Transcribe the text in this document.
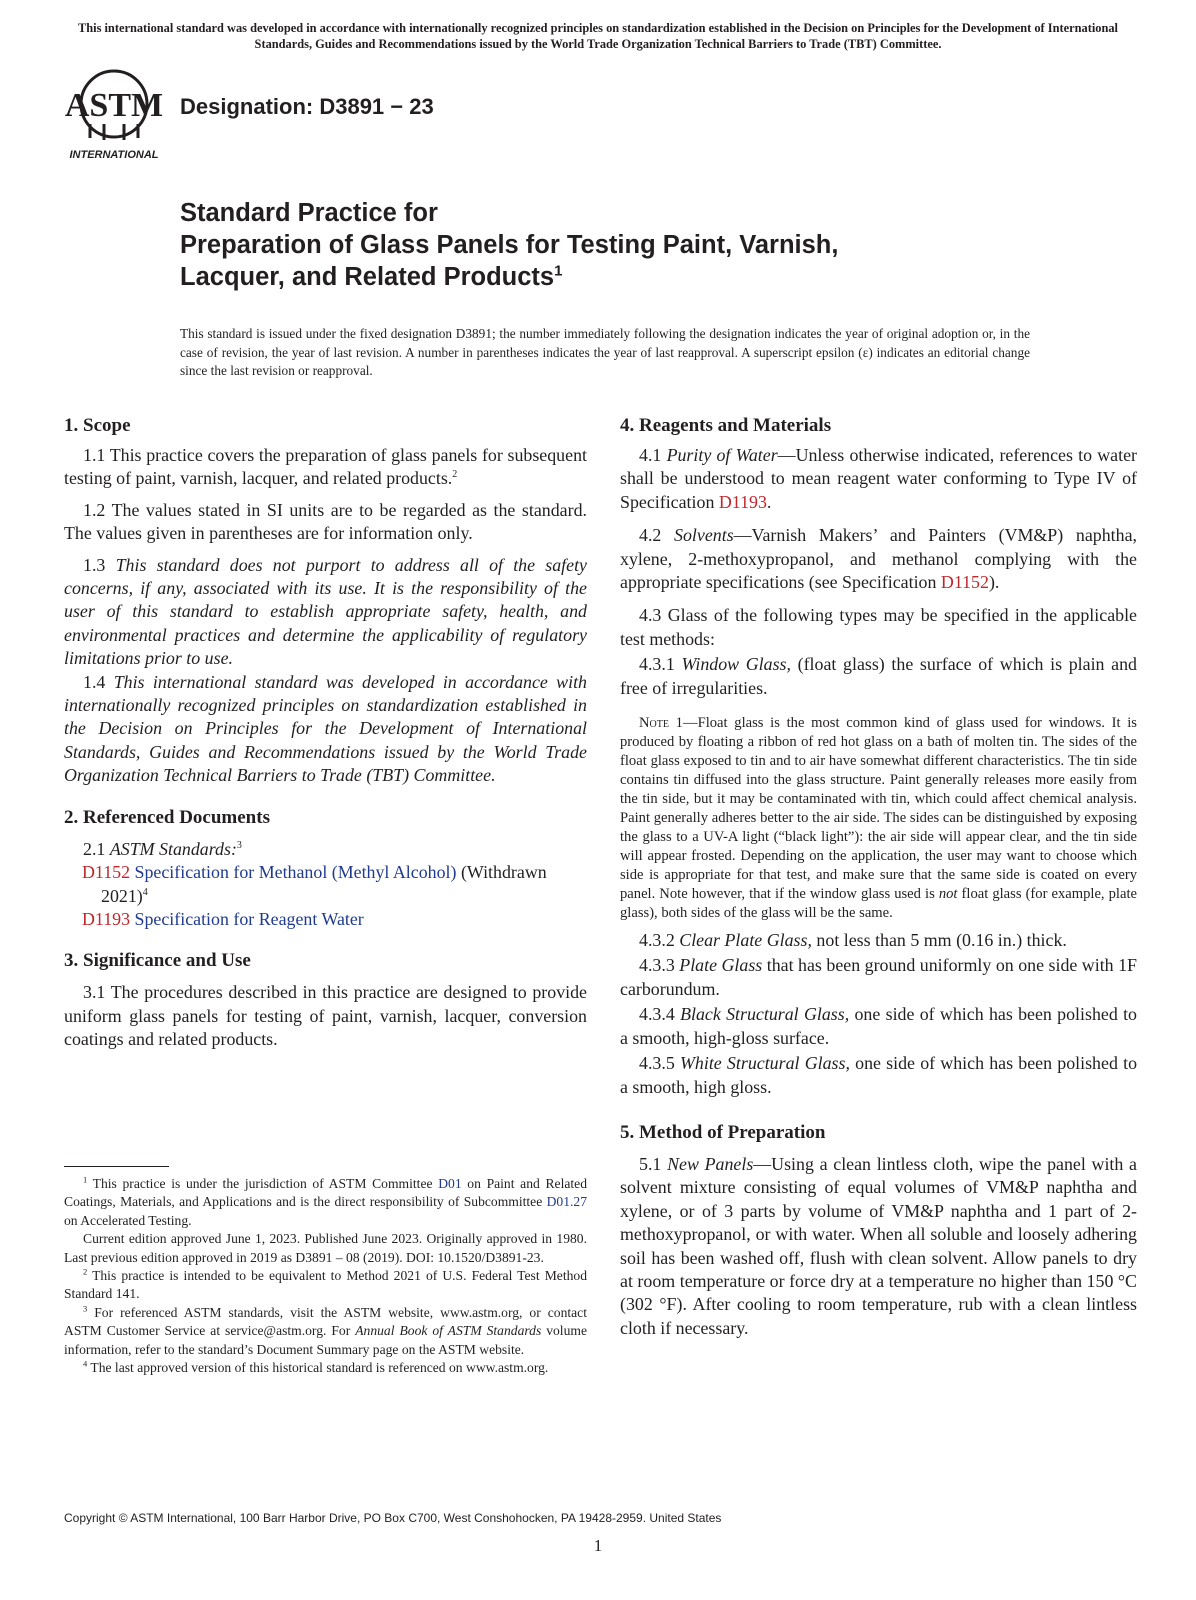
This international standard was developed in accordance with internationally recognized principles on standardization established in the Decision on Principles for the Development of International Standards, Guides and Recommendations issued by the World Trade Organization Technical Barriers to Trade (TBT) Committee.
ASTM
INTERNATIONAL
Designation: D3891 − 23
Standard Practice for
Preparation of Glass Panels for Testing Paint, Varnish,
Lacquer, and Related Products$^1$
This standard is issued under the fixed designation D3891; the number immediately following the designation indicates the year of original adoption or, in the case of revision, the year of last revision. A number in parentheses indicates the year of last reapproval. A superscript epsilon (ε) indicates an editorial change since the last revision or reapproval.
1. Scope

1.1 This practice covers the preparation of glass panels for subsequent testing of paint, varnish, lacquer, and related products.$^2$

1.2 The values stated in SI units are to be regarded as the standard. The values given in parentheses are for information only.

1.3 This standard does not purport to address all of the safety concerns, if any, associated with its use. It is the responsibility of the user of this standard to establish appropriate safety, health, and environmental practices and determine the applicability of regulatory limitations prior to use.

1.4 This international standard was developed in accordance with internationally recognized principles on standardization established in the Decision on Principles for the Development of International Standards, Guides and Recommendations issued by the World Trade Organization Technical Barriers to Trade (TBT) Committee.

2. Referenced Documents

2.1 ASTM Standards:$^3$

D1152 Specification for Methanol (Methyl Alcohol) (Withdrawn 2021)$^4$

D1193 Specification for Reagent Water

3. Significance and Use

3.1 The procedures described in this practice are designed to provide uniform glass panels for testing of paint, varnish, lacquer, conversion coatings and related products.

$^1$ This practice is under the jurisdiction of ASTM Committee D01 on Paint and Related Coatings, Materials, and Applications and is the direct responsibility of Subcommittee D01.27 on Accelerated Testing.

Current edition approved June 1, 2023. Published June 2023. Originally approved in 1980. Last previous edition approved in 2019 as D3891 – 08 (2019). DOI: 10.1520/D3891-23.

$^2$ This practice is intended to be equivalent to Method 2021 of U.S. Federal Test Method Standard 141.

$^3$ For referenced ASTM standards, visit the ASTM website, www.astm.org, or contact ASTM Customer Service at service@astm.org. For Annual Book of ASTM Standards volume information, refer to the standard’s Document Summary page on the ASTM website.

$^4$ The last approved version of this historical standard is referenced on www.astm.org.

4. Reagents and Materials

4.1 Purity of Water—Unless otherwise indicated, references to water shall be understood to mean reagent water conforming to Type IV of Specification D1193.

4.2 Solvents—Varnish Makers’ and Painters (VM&P) naphtha, xylene, 2-methoxypropanol, and methanol complying with the appropriate specifications (see Specification D1152).

4.3 Glass of the following types may be specified in the applicable test methods:

4.3.1 Window Glass, (float glass) the surface of which is plain and free of irregularities.

Note 1—Float glass is the most common kind of glass used for windows. It is produced by floating a ribbon of red hot glass on a bath of molten tin. The sides of the float glass exposed to tin and to air have somewhat different characteristics. The tin side contains tin diffused into the glass structure. Paint generally releases more easily from the tin side, but it may be contaminated with tin, which could affect chemical analysis. Paint generally adheres better to the air side. The sides can be distinguished by exposing the glass to a UV-A light (“black light”): the air side will appear clear, and the tin side will appear frosted. Depending on the application, the user may want to choose which side is appropriate for that test, and make sure that the same side is coated on every panel. Note however, that if the window glass used is not float glass (for example, plate glass), both sides of the glass will be the same.

4.3.2 Clear Plate Glass, not less than 5 mm (0.16 in.) thick.

4.3.3 Plate Glass that has been ground uniformly on one side with 1F carborundum.

4.3.4 Black Structural Glass, one side of which has been polished to a smooth, high-gloss surface.

4.3.5 White Structural Glass, one side of which has been polished to a smooth, high gloss.

5. Method of Preparation

5.1 New Panels—Using a clean lintless cloth, wipe the panel with a solvent mixture consisting of equal volumes of VM&P naphtha and xylene, or of 3 parts by volume of VM&P naphtha and 1 part of 2-methoxypropanol, or with water. When all soluble and loosely adhering soil has been washed off, flush with clean solvent. Allow panels to dry at room temperature or force dry at a temperature no higher than 150 °C (302 °F). After cooling to room temperature, rub with a clean lintless cloth if necessary.

Copyright © ASTM International, 100 Barr Harbor Drive, PO Box C700, West Conshohocken, PA 19428-2959. United States
1
